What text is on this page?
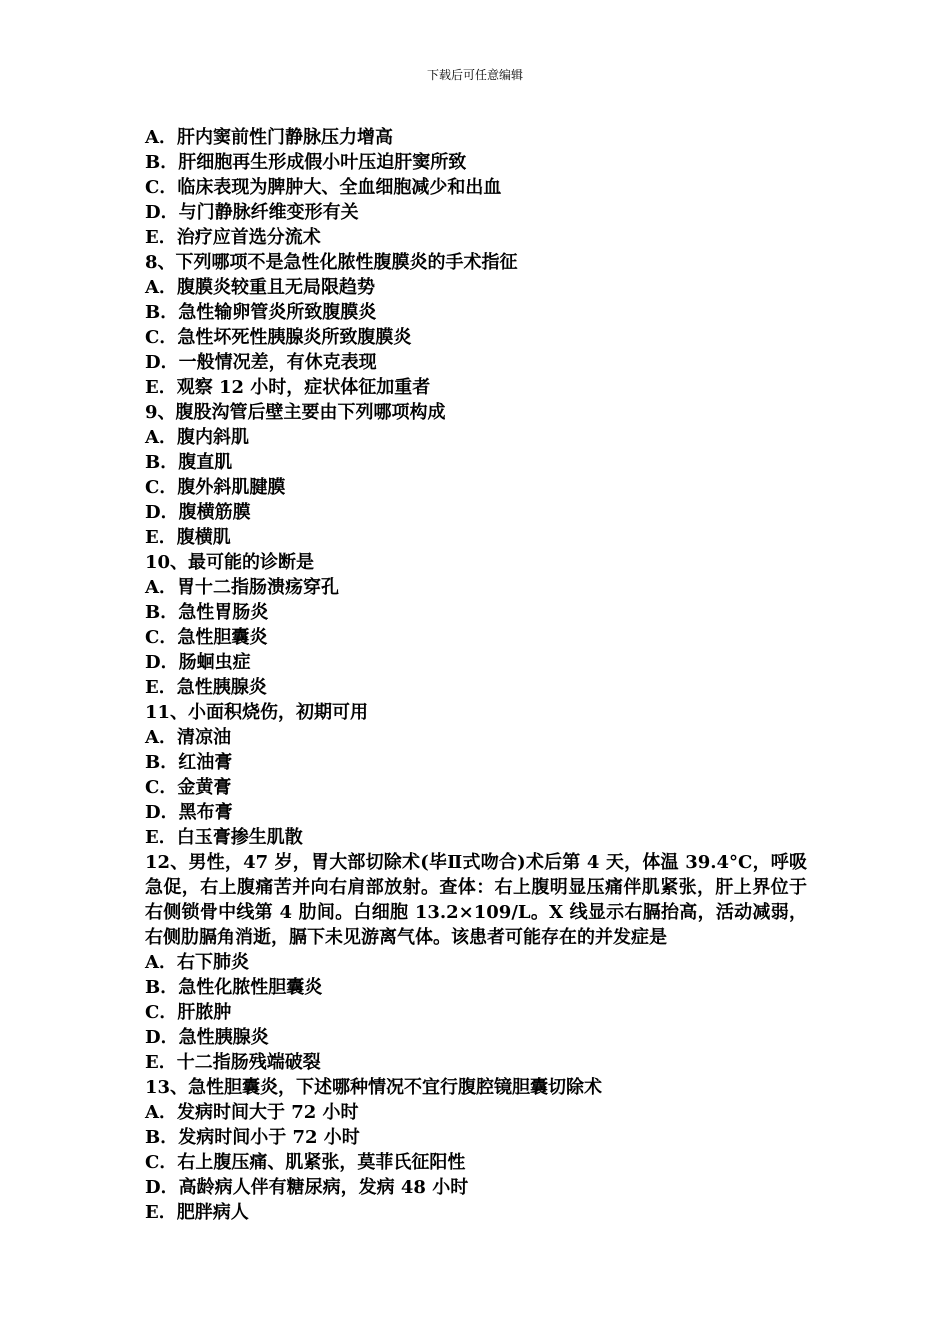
下载后可任意编辑
A．肝内窦前性门静脉压力增高
B．肝细胞再生形成假小叶压迫肝窦所致
C．临床表现为脾肿大、全血细胞减少和出血
D．与门静脉纤维变形有关
E．治疗应首选分流术
8、下列哪项不是急性化脓性腹膜炎的手术指征
A．腹膜炎较重且无局限趋势
B．急性输卵管炎所致腹膜炎
C．急性坏死性胰腺炎所致腹膜炎
D．一般情况差，有休克表现
E．观察 12 小时，症状体征加重者
9、腹股沟管后壁主要由下列哪项构成
A．腹内斜肌
B．腹直肌
C．腹外斜肌腱膜
D．腹横筋膜
E．腹横肌
10、最可能的诊断是
A．胃十二指肠溃疡穿孔
B．急性胃肠炎
C．急性胆囊炎
D．肠蛔虫症
E．急性胰腺炎
11、小面积烧伤，初期可用
A．清凉油
B．红油膏
C．金黄膏
D．黑布膏
E．白玉膏掺生肌散
12、男性，47 岁，胃大部切除术(毕Ⅱ式吻合)术后第 4 天，体温 39.4°C，呼吸急促，右上腹痛苦并向右肩部放射。查体：右上腹明显压痛伴肌紧张，肝上界位于右侧锁骨中线第 4 肋间。白细胞 13.2×109/L。X 线显示右膈抬高，活动减弱，右侧肋膈角消逝，膈下未见游离气体。该患者可能存在的并发症是
A．右下肺炎
B．急性化脓性胆囊炎
C．肝脓肿
D．急性胰腺炎
E．十二指肠残端破裂
13、急性胆囊炎，下述哪种情况不宜行腹腔镜胆囊切除术
A．发病时间大于 72 小时
B．发病时间小于 72 小时
C．右上腹压痛、肌紧张，莫菲氏征阳性
D．高龄病人伴有糖尿病，发病 48 小时
E．肥胖病人
